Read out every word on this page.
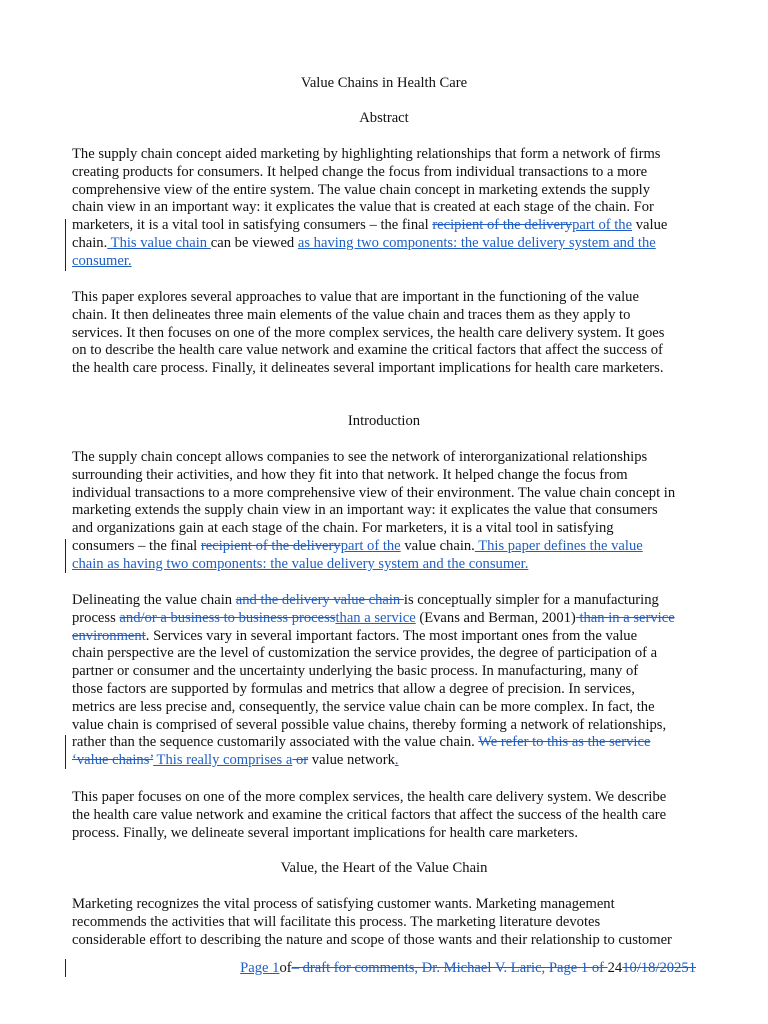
Value Chains in Health Care
Abstract
The supply chain concept aided marketing by highlighting relationships that form a network of firms
creating products for consumers. It helped change the focus from individual transactions to a more
comprehensive view of the entire system. The value chain concept in marketing extends the supply
chain view in an important way: it explicates the value that is created at each stage of the chain. For
marketers, it is a vital tool in satisfying consumers – the final recipient of the deliverypart of the value
chain. This value chain can be viewed as having two components: the value delivery system and the
consumer.
This paper explores several approaches to value that are important in the functioning of the value
chain. It then delineates three main elements of the value chain and traces them as they apply to
services. It then focuses on one of the more complex services, the health care delivery system. It goes
on to describe the health care value network and examine the critical factors that affect the success of
the health care process. Finally, it delineates several important implications for health care marketers.
Introduction
The supply chain concept allows companies to see the network of interorganizational relationships
surrounding their activities, and how they fit into that network. It helped change the focus from
individual transactions to a more comprehensive view of their environment. The value chain concept in
marketing extends the supply chain view in an important way: it explicates the value that consumers
and organizations gain at each stage of the chain. For marketers, it is a vital tool in satisfying
consumers – the final recipient of the deliverypart of the value chain. This paper defines the value
chain as having two components: the value delivery system and the consumer.
Delineating the value chain and the delivery value chain is conceptually simpler for a manufacturing
process and/or a business to business processthan a service (Evans and Berman, 2001) than in a service
environment. Services vary in several important factors. The most important ones from the value
chain perspective are the level of customization the service provides, the degree of participation of a
partner or consumer and the uncertainty underlying the basic process. In manufacturing, many of
those factors are supported by formulas and metrics that allow a degree of precision. In services,
metrics are less precise and, consequently, the service value chain can be more complex. In fact, the
value chain is comprised of several possible value chains, thereby forming a network of relationships,
rather than the sequence customarily associated with the value chain. We refer to this as the service
‘value chains’ This really comprises a or value network.
This paper focuses on one of the more complex services, the health care delivery system. We describe
the health care value network and examine the critical factors that affect the success of the health care
process. Finally, we delineate several important implications for health care marketers.
Value, the Heart of the Value Chain
Marketing recognizes the vital process of satisfying customer wants. Marketing management
recommends the activities that will facilitate this process. The marketing literature devotes
considerable effort to describing the nature and scope of those wants and their relationship to customer
Page 1of– draft for comments, Dr. Michael V. Laric, Page 1 of 2410/18/20251
